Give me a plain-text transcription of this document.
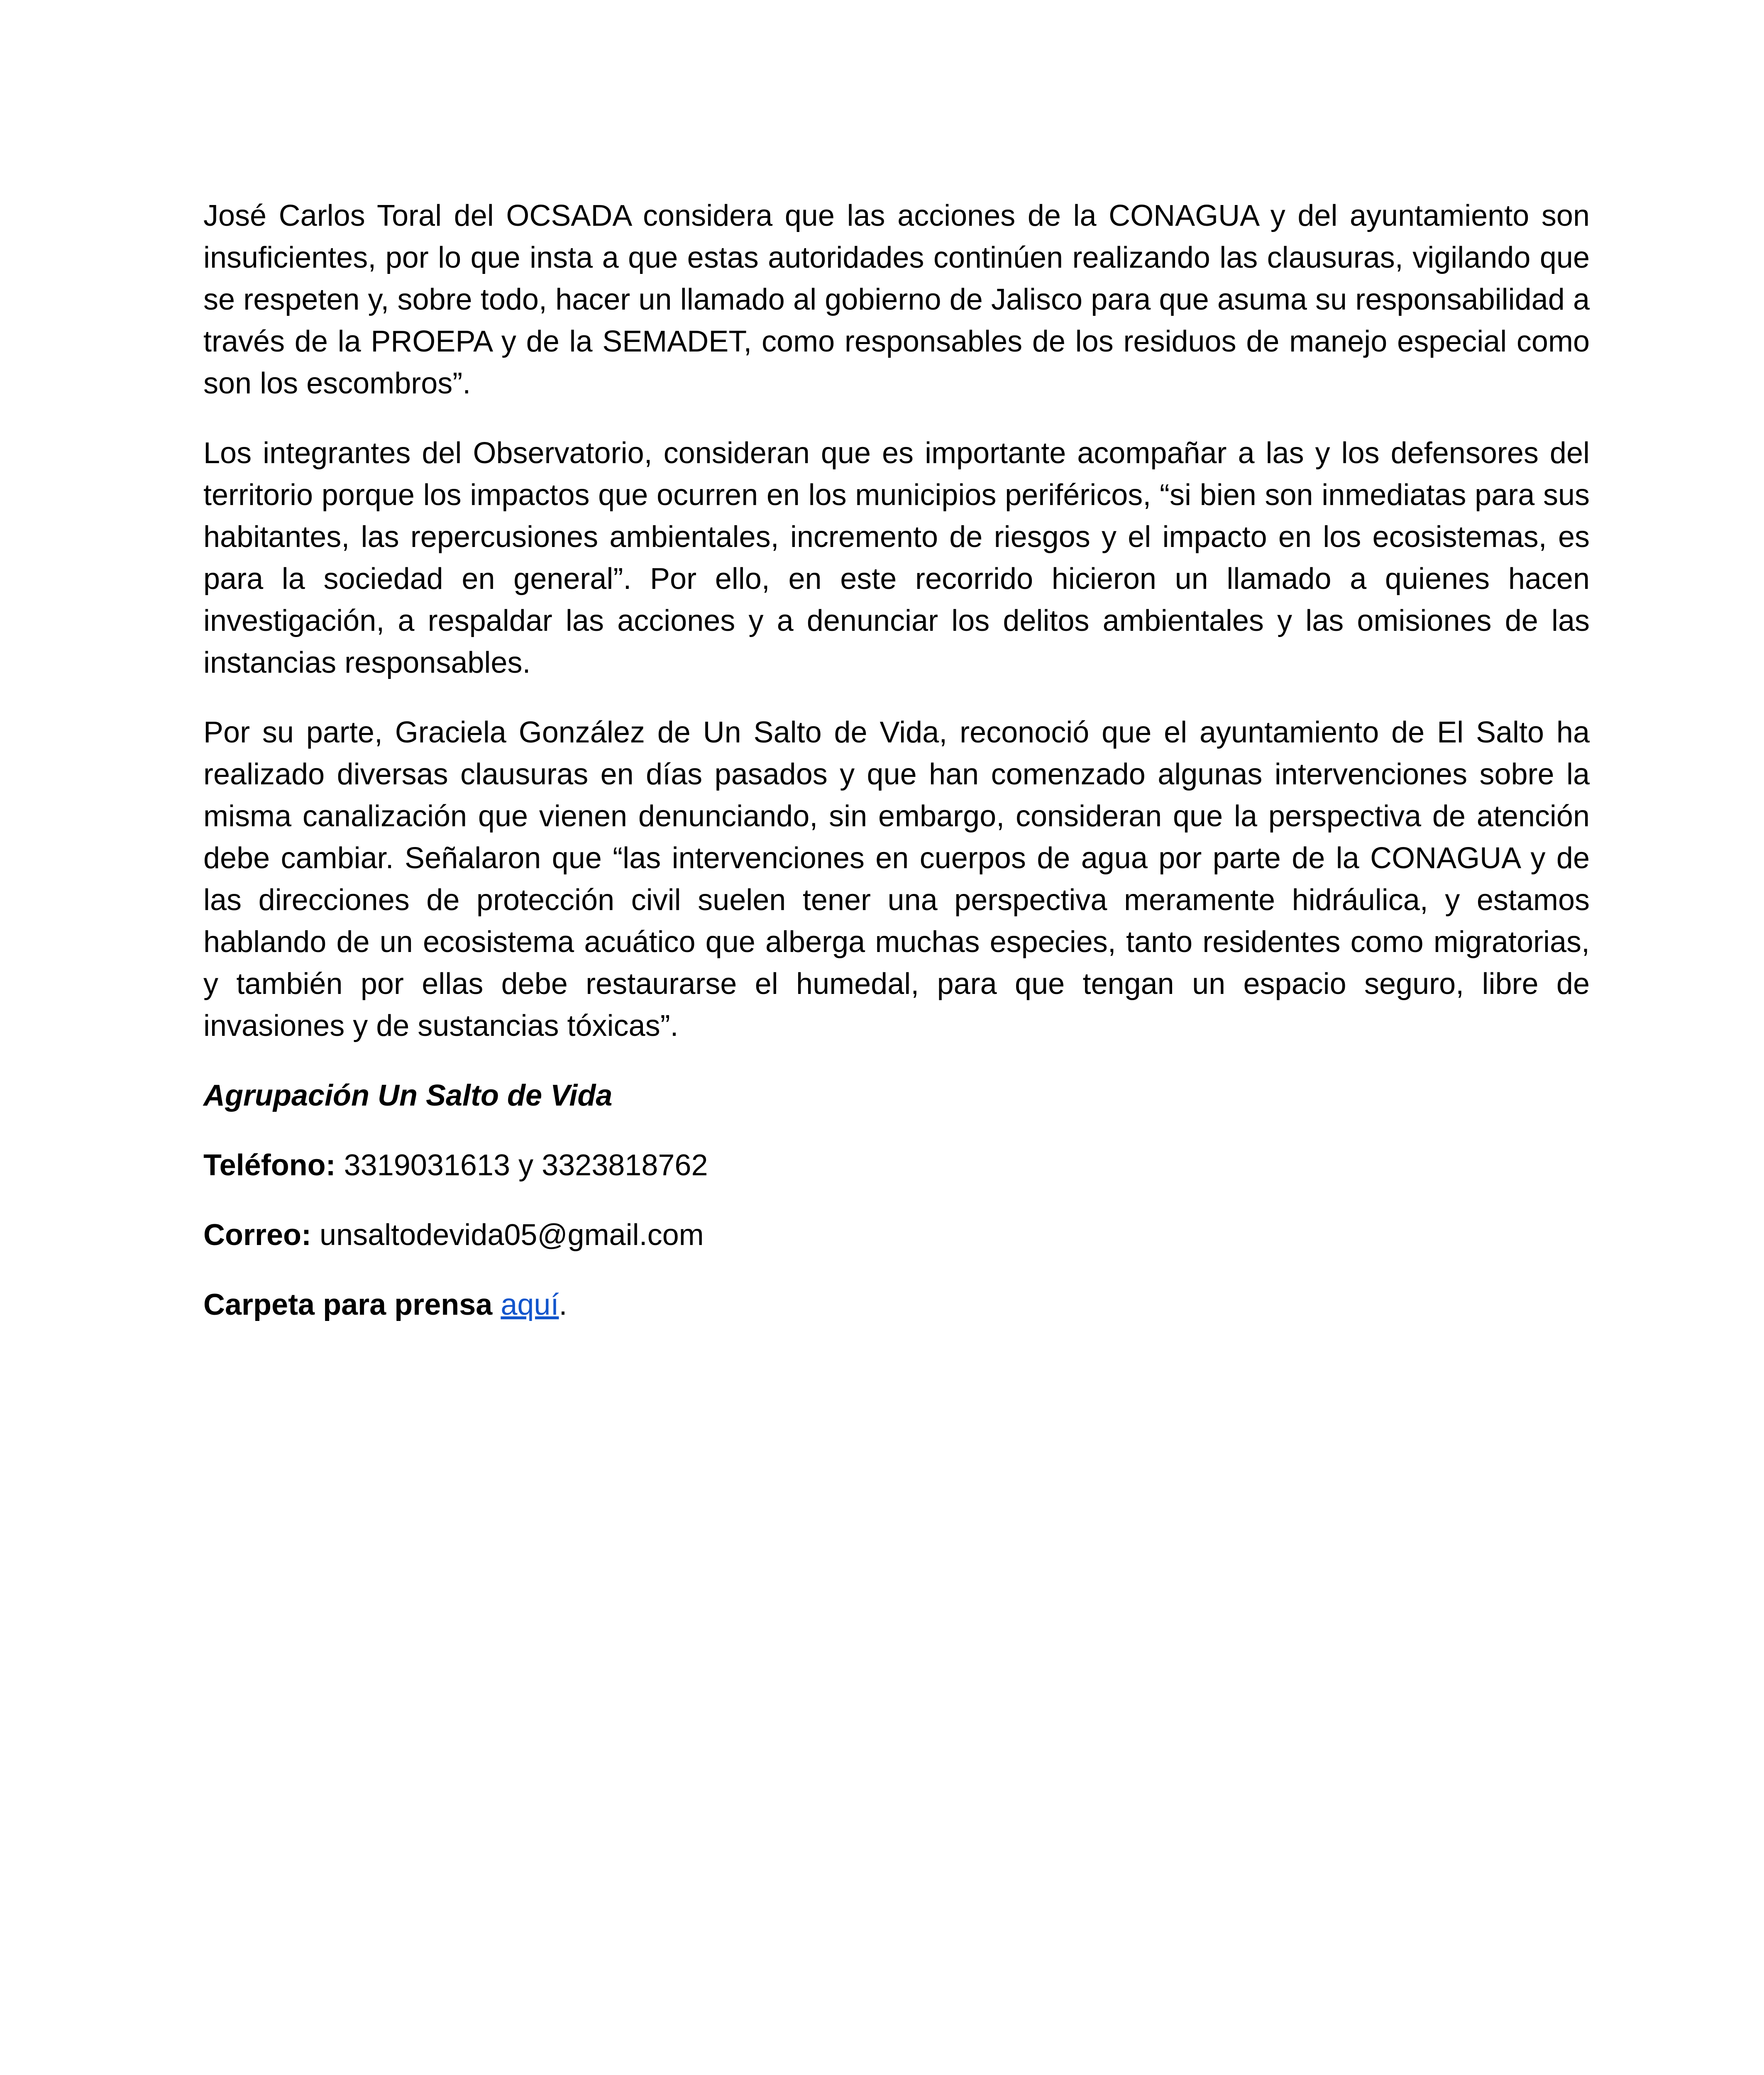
José Carlos Toral del OCSADA considera que las acciones de la CONAGUA y del ayuntamiento son insuficientes, por lo que insta a que estas autoridades continúen realizando las clausuras, vigilando que se respeten y, sobre todo, hacer un llamado al gobierno de Jalisco para que asuma su responsabilidad a través de la PROEPA y de la SEMADET, como responsables de los residuos de manejo especial como son los escombros”.

Los integrantes del Observatorio, consideran que es importante acompañar a las y los defensores del territorio porque los impactos que ocurren en los municipios periféricos, “si bien son inmediatas para sus habitantes, las repercusiones ambientales, incremento de riesgos y el impacto en los ecosistemas, es para la sociedad en general”. Por ello, en este recorrido hicieron un llamado a quienes hacen investigación, a respaldar las acciones y a denunciar los delitos ambientales y las omisiones de las instancias responsables.

Por su parte, Graciela González de Un Salto de Vida, reconoció que el ayuntamiento de El Salto ha realizado diversas clausuras en días pasados y que han comenzado algunas intervenciones sobre la misma canalización que vienen denunciando, sin embargo, consideran que la perspectiva de atención debe cambiar. Señalaron que “las intervenciones en cuerpos de agua por parte de la CONAGUA y de las direcciones de protección civil suelen tener una perspectiva meramente hidráulica, y estamos hablando de un ecosistema acuático que alberga muchas especies, tanto residentes como migratorias, y también por ellas debe restaurarse el humedal, para que tengan un espacio seguro, libre de invasiones y de sustancias tóxicas”.

Agrupación Un Salto de Vida

Teléfono: 3319031613 y 3323818762

Correo: unsaltodevida05@gmail.com

Carpeta para prensa aquí.
